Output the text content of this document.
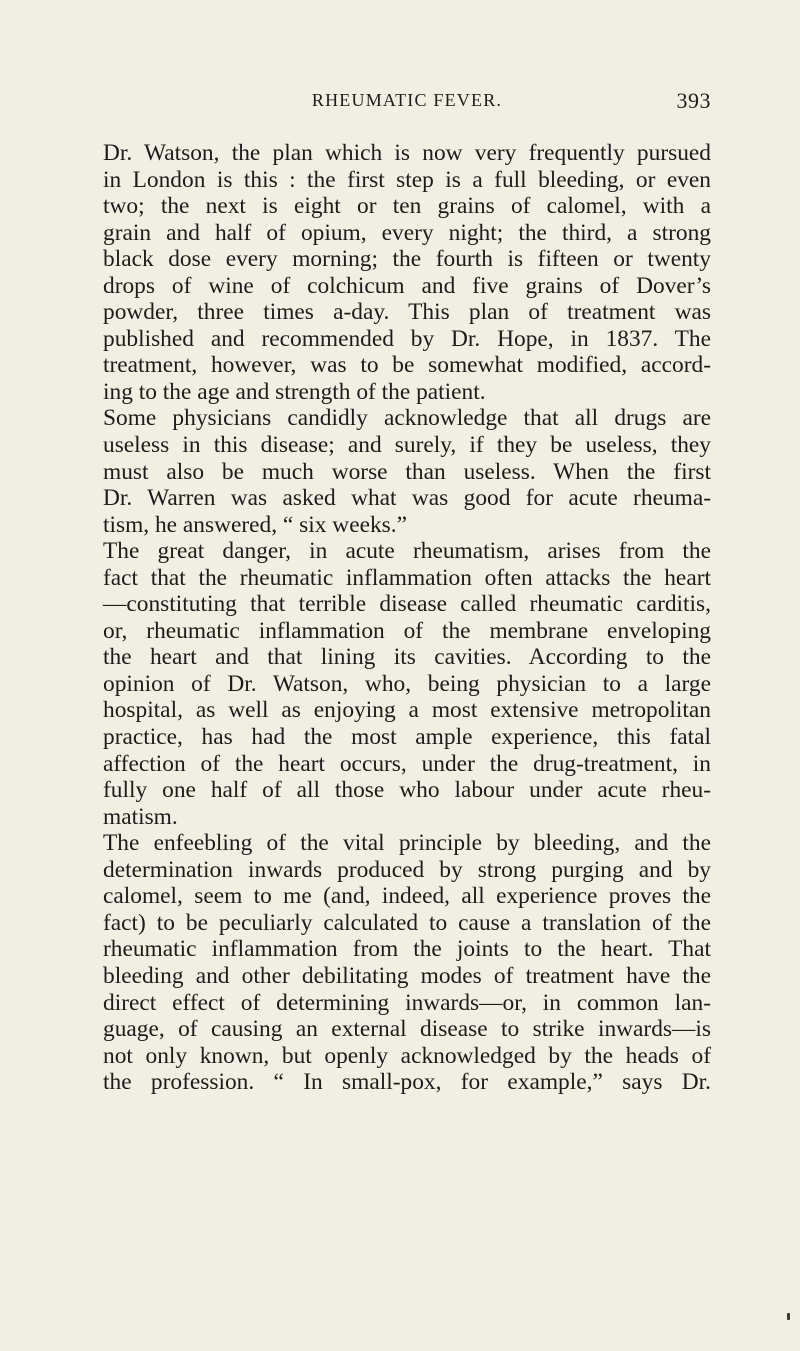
RHEUMATIC FEVER.	393
Dr. Watson, the plan which is now very frequently pursued
in London is this : the first step is a full bleeding, or even
two; the next is eight or ten grains of calomel, with a
grain and half of opium, every night; the third, a strong
black dose every morning; the fourth is fifteen or twenty
drops of wine of colchicum and five grains of Dover’s
powder, three times a-day. This plan of treatment was
published and recommended by Dr. Hope, in 1837. The
treatment, however, was to be somewhat modified, accord-
ing to the age and strength of the patient.
Some physicians candidly acknowledge that all drugs are
useless in this disease; and surely, if they be useless, they
must also be much worse than useless. When the first
Dr. Warren was asked what was good for acute rheuma-
tism, he answered, “ six weeks.”
The great danger, in acute rheumatism, arises from the
fact that the rheumatic inflammation often attacks the heart
—constituting that terrible disease called rheumatic carditis,
or, rheumatic inflammation of the membrane enveloping
the heart and that lining its cavities. According to the
opinion of Dr. Watson, who, being physician to a large
hospital, as well as enjoying a most extensive metropolitan
practice, has had the most ample experience, this fatal
affection of the heart occurs, under the drug-treatment, in
fully one half of all those who labour under acute rheu-
matism.
The enfeebling of the vital principle by bleeding, and the
determination inwards produced by strong purging and by
calomel, seem to me (and, indeed, all experience proves the
fact) to be peculiarly calculated to cause a translation of the
rheumatic inflammation from the joints to the heart. That
bleeding and other debilitating modes of treatment have the
direct effect of determining inwards—or, in common lan-
guage, of causing an external disease to strike inwards—is
not only known, but openly acknowledged by the heads of
the profession. “ In small-pox, for example,” says Dr.
